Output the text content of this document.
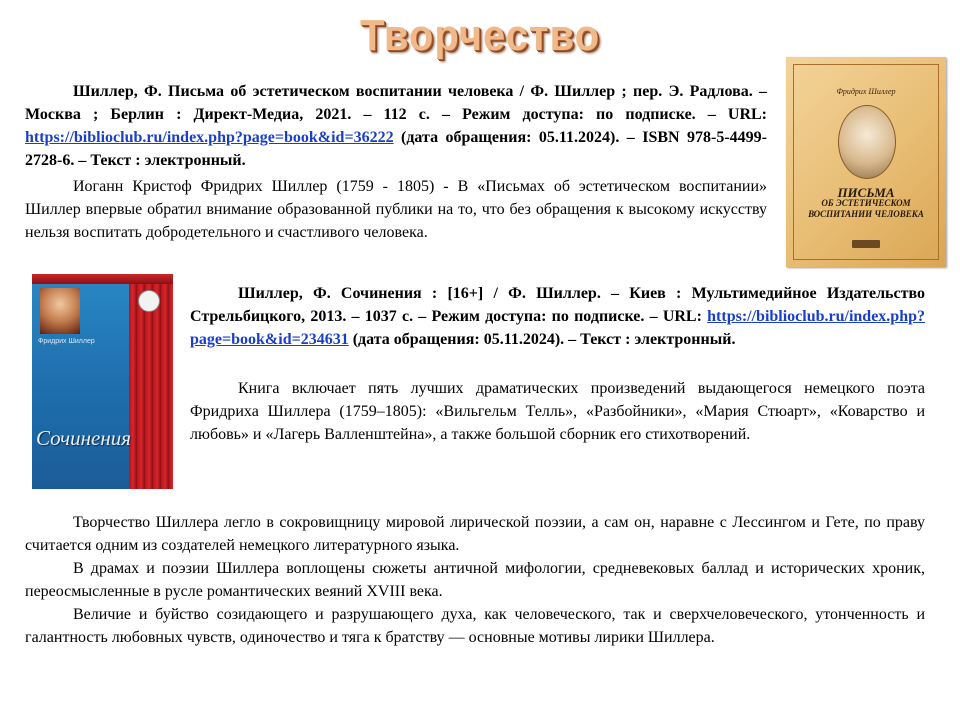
Творчество

Шиллер, Ф. Письма об эстетическом воспитании человека / Ф. Шиллер ; пер. Э. Радлова. – Москва ; Берлин : Директ-Медиа, 2021. – 112 с. – Режим доступа: по подписке. – URL: https://biblioclub.ru/index.php?page=book&id=36222 (дата обращения: 05.11.2024). – ISBN 978-5-4499-2728-6. – Текст : электронный.

Иоганн Кристоф Фридрих Шиллер (1759 - 1805) - В «Письмах об эстетическом воспитании» Шиллер впервые обратил внимание образованной публики на то, что без обращения к высокому искусству нельзя воспитать добродетельного и счастливого человека.

Фридрих Шиллер
ПИСЬМА
ОБ ЭСТЕТИЧЕСКОМ ВОСПИТАНИИ ЧЕЛОВЕКА
Фридрих Шиллер
Сочинения

Шиллер, Ф. Сочинения : [16+] / Ф. Шиллер. – Киев : Мультимедийное Издательство Стрельбицкого, 2013. – 1037 с. – Режим доступа: по подписке. – URL: https://biblioclub.ru/index.php?page=book&id=234631 (дата обращения: 05.11.2024). – Текст : электронный.

Книга включает пять лучших драматических произведений выдающегося немецкого поэта Фридриха Шиллера (1759–1805): «Вильгельм Телль», «Разбойники», «Мария Стюарт», «Коварство и любовь» и «Лагерь Валленштейна», а также большой сборник его стихотворений.

Творчество Шиллера легло в сокровищницу мировой лирической поэзии, а сам он, наравне с Лессингом и Гете, по праву считается одним из создателей немецкого литературного языка.

В драмах и поэзии Шиллера воплощены сюжеты античной мифологии, средневековых баллад и исторических хроник, переосмысленные в русле романтических веяний XVIII века.

Величие и буйство созидающего и разрушающего духа, как человеческого, так и сверхчеловеческого, утонченность и галантность любовных чувств, одиночество и тяга к братству — основные мотивы лирики Шиллера.
